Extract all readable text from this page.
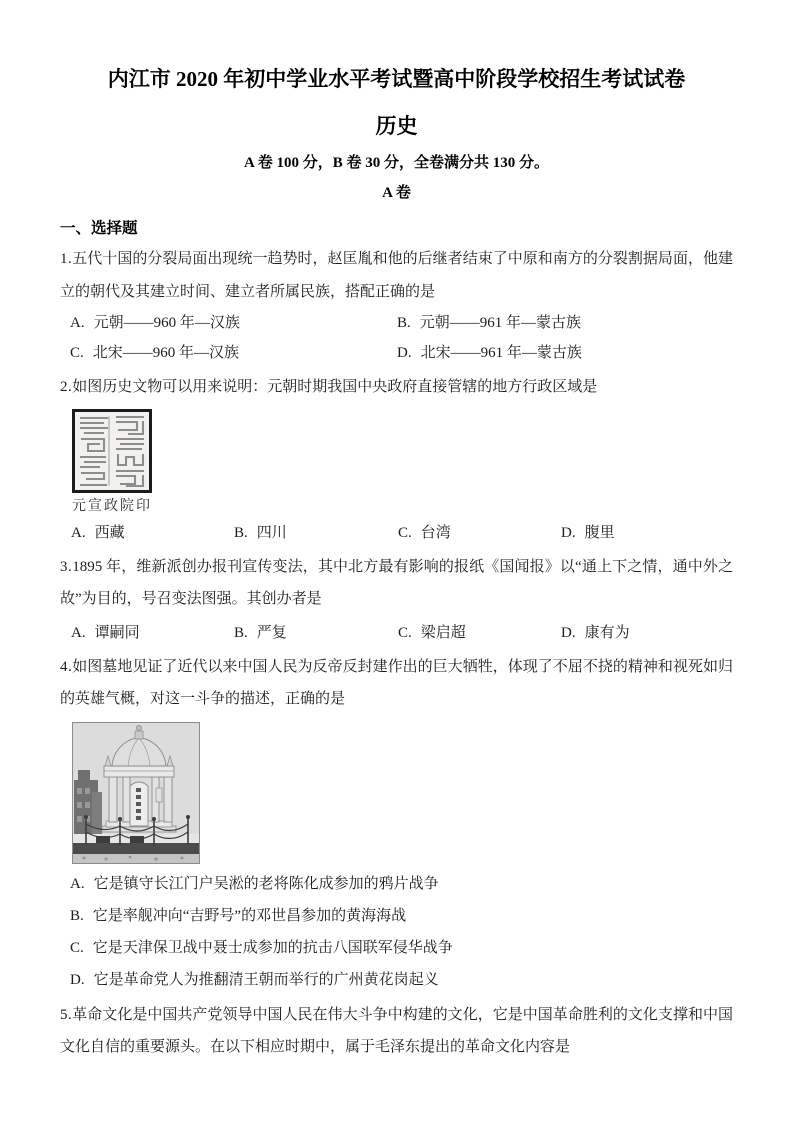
内江市 2020 年初中学业水平考试暨高中阶段学校招生考试试卷
历史
A 卷 100 分，B 卷 30 分，全卷满分共 130 分。
A 卷
一、选择题

1.五代十国的分裂局面出现统一趋势时，赵匡胤和他的后继者结束了中原和南方的分裂割据局面，他建立的朝代及其建立时间、建立者所属民族，搭配正确的是

A. 元朝——960 年—汉族	B. 元朝——961 年—蒙古族
C. 北宋——960 年—汉族	D. 北宋——961 年—蒙古族

2.如图历史文物可以用来说明：元朝时期我国中央政府直接管辖的地方行政区域是

元宣政院印
A. 西藏	B. 四川	C. 台湾	D. 腹里

3.1895 年，维新派创办报刊宣传变法，其中北方最有影响的报纸《国闻报》以“通上下之情，通中外之故”为目的，号召变法图强。其创办者是

A. 谭嗣同	B. 严复	C. 梁启超	D. 康有为

4.如图墓地见证了近代以来中国人民为反帝反封建作出的巨大牺牲，体现了不屈不挠的精神和视死如归的英雄气概，对这一斗争的描述，正确的是

A. 它是镇守长江门户吴淞的老将陈化成参加的鸦片战争
B. 它是率舰冲向“吉野号”的邓世昌参加的黄海海战
C. 它是天津保卫战中聂士成参加的抗击八国联军侵华战争
D. 它是革命党人为推翻清王朝而举行的广州黄花岗起义

5.革命文化是中国共产党领导中国人民在伟大斗争中构建的文化，它是中国革命胜利的文化支撑和中国文化自信的重要源头。在以下相应时期中，属于毛泽东提出的革命文化内容是
